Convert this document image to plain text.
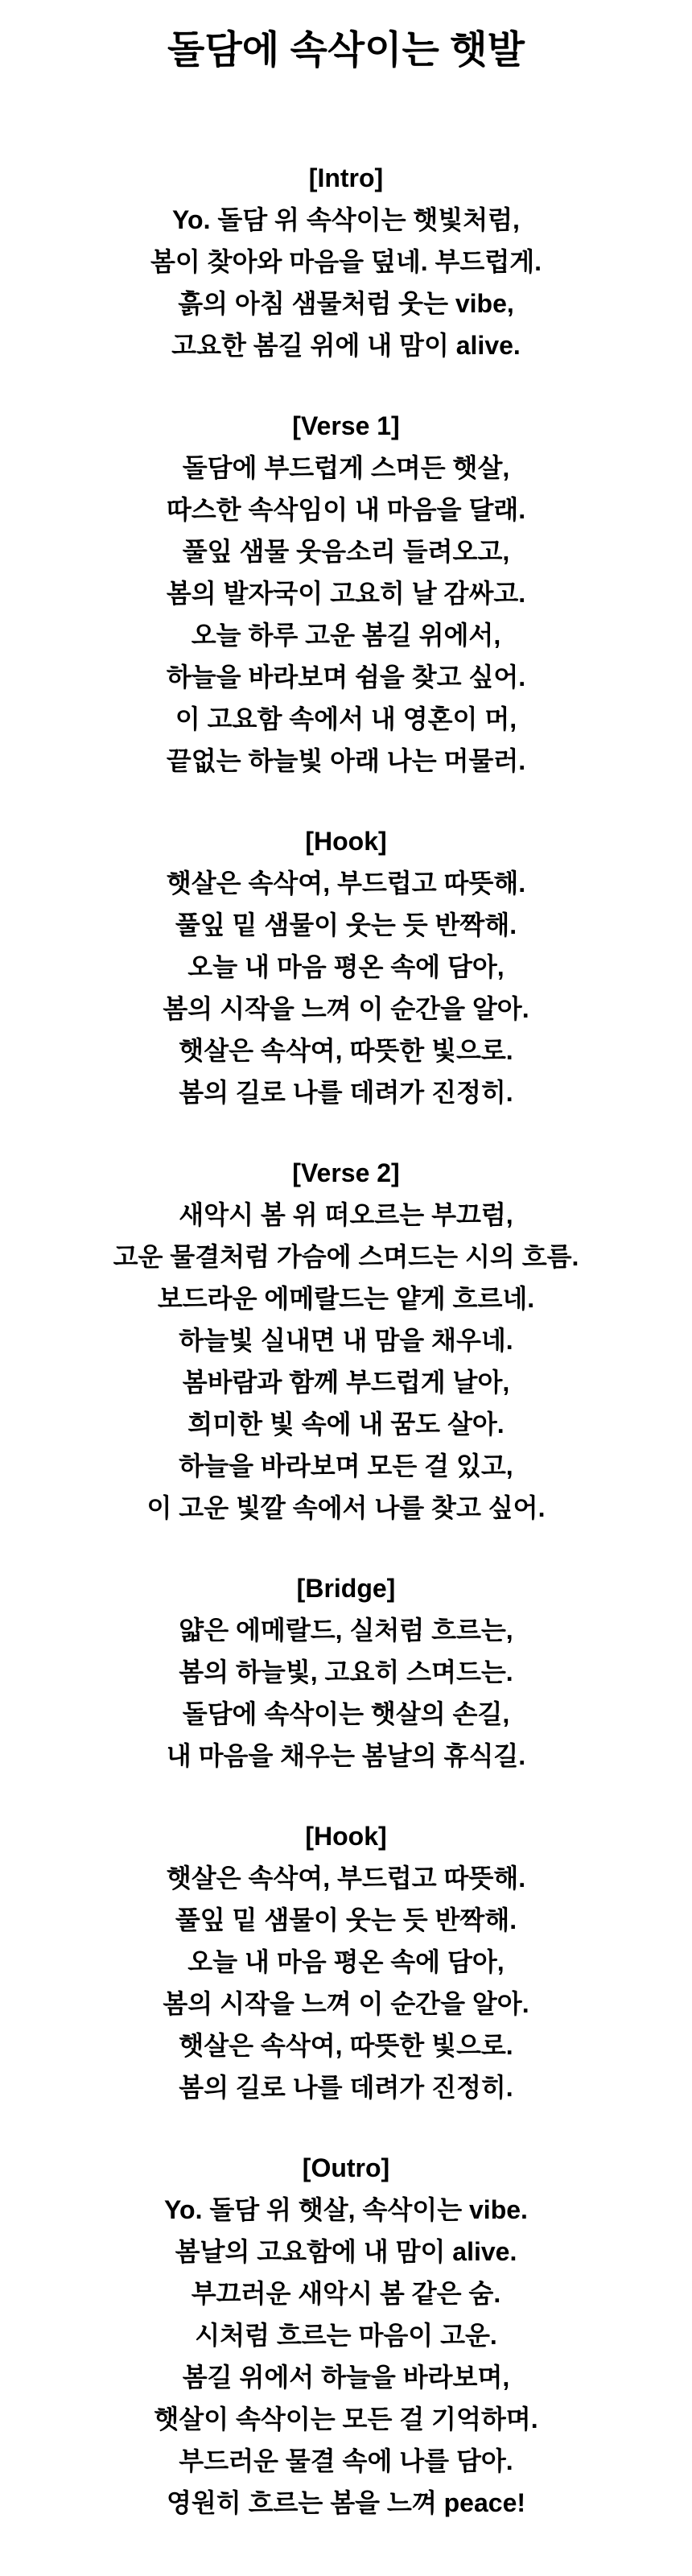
돌담에 속삭이는 햇발
[Intro]
Yo. 돌담 위 속삭이는 햇빛처럼,
봄이 찾아와 마음을 덮네. 부드럽게.
흙의 아침 샘물처럼 웃는 vibe,
고요한 봄길 위에 내 맘이 alive.
[Verse 1]
돌담에 부드럽게 스며든 햇살,
따스한 속삭임이 내 마음을 달래.
풀잎 샘물 웃음소리 들려오고,
봄의 발자국이 고요히 날 감싸고.
오늘 하루 고운 봄길 위에서,
하늘을 바라보며 쉼을 찾고 싶어.
이 고요함 속에서 내 영혼이 머,
끝없는 하늘빛 아래 나는 머물러.
[Hook]
햇살은 속삭여, 부드럽고 따뜻해.
풀잎 밑 샘물이 웃는 듯 반짝해.
오늘 내 마음 평온 속에 담아,
봄의 시작을 느껴 이 순간을 알아.
햇살은 속삭여, 따뜻한 빛으로.
봄의 길로 나를 데려가 진정히.
[Verse 2]
새악시 봄 위 떠오르는 부끄럼,
고운 물결처럼 가슴에 스며드는 시의 흐름.
보드라운 에메랄드는 얕게 흐르네.
하늘빛 실내면 내 맘을 채우네.
봄바람과 함께 부드럽게 날아,
희미한 빛 속에 내 꿈도 살아.
하늘을 바라보며 모든 걸 있고,
이 고운 빛깔 속에서 나를 찾고 싶어.
[Bridge]
얇은 에메랄드, 실처럼 흐르는,
봄의 하늘빛, 고요히 스며드는.
돌담에 속삭이는 햇살의 손길,
내 마음을 채우는 봄날의 휴식길.
[Hook]
햇살은 속삭여, 부드럽고 따뜻해.
풀잎 밑 샘물이 웃는 듯 반짝해.
오늘 내 마음 평온 속에 담아,
봄의 시작을 느껴 이 순간을 알아.
햇살은 속삭여, 따뜻한 빛으로.
봄의 길로 나를 데려가 진정히.
[Outro]
Yo. 돌담 위 햇살, 속삭이는 vibe.
봄날의 고요함에 내 맘이 alive.
부끄러운 새악시 봄 같은 숨.
시처럼 흐르는 마음이 고운.
봄길 위에서 하늘을 바라보며,
햇살이 속삭이는 모든 걸 기억하며.
부드러운 물결 속에 나를 담아.
영원히 흐르는 봄을 느껴 peace!
